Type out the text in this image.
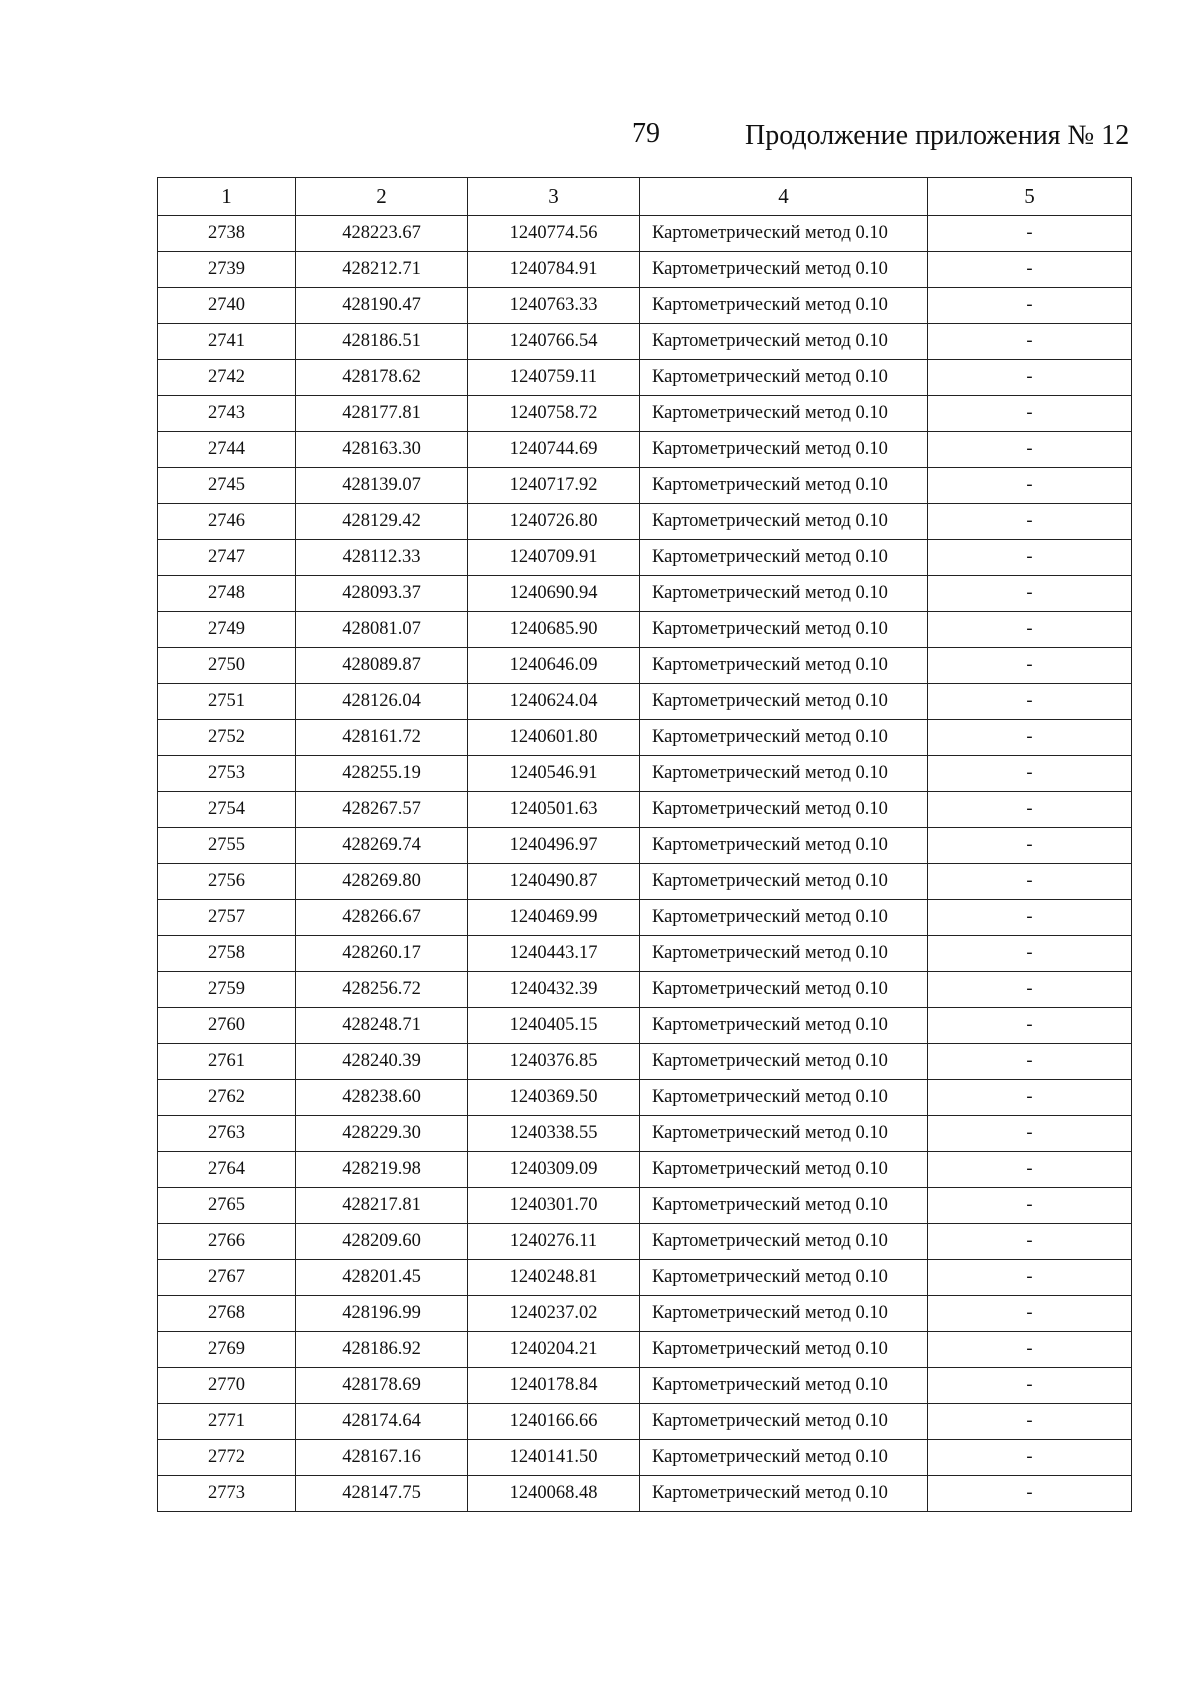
79	Продолжение приложения № 12
1	2	3	4	5
2738	428223.67	1240774.56	Картометрический метод 0.10	-
2739	428212.71	1240784.91	Картометрический метод 0.10	-
2740	428190.47	1240763.33	Картометрический метод 0.10	-
2741	428186.51	1240766.54	Картометрический метод 0.10	-
2742	428178.62	1240759.11	Картометрический метод 0.10	-
2743	428177.81	1240758.72	Картометрический метод 0.10	-
2744	428163.30	1240744.69	Картометрический метод 0.10	-
2745	428139.07	1240717.92	Картометрический метод 0.10	-
2746	428129.42	1240726.80	Картометрический метод 0.10	-
2747	428112.33	1240709.91	Картометрический метод 0.10	-
2748	428093.37	1240690.94	Картометрический метод 0.10	-
2749	428081.07	1240685.90	Картометрический метод 0.10	-
2750	428089.87	1240646.09	Картометрический метод 0.10	-
2751	428126.04	1240624.04	Картометрический метод 0.10	-
2752	428161.72	1240601.80	Картометрический метод 0.10	-
2753	428255.19	1240546.91	Картометрический метод 0.10	-
2754	428267.57	1240501.63	Картометрический метод 0.10	-
2755	428269.74	1240496.97	Картометрический метод 0.10	-
2756	428269.80	1240490.87	Картометрический метод 0.10	-
2757	428266.67	1240469.99	Картометрический метод 0.10	-
2758	428260.17	1240443.17	Картометрический метод 0.10	-
2759	428256.72	1240432.39	Картометрический метод 0.10	-
2760	428248.71	1240405.15	Картометрический метод 0.10	-
2761	428240.39	1240376.85	Картометрический метод 0.10	-
2762	428238.60	1240369.50	Картометрический метод 0.10	-
2763	428229.30	1240338.55	Картометрический метод 0.10	-
2764	428219.98	1240309.09	Картометрический метод 0.10	-
2765	428217.81	1240301.70	Картометрический метод 0.10	-
2766	428209.60	1240276.11	Картометрический метод 0.10	-
2767	428201.45	1240248.81	Картометрический метод 0.10	-
2768	428196.99	1240237.02	Картометрический метод 0.10	-
2769	428186.92	1240204.21	Картометрический метод 0.10	-
2770	428178.69	1240178.84	Картометрический метод 0.10	-
2771	428174.64	1240166.66	Картометрический метод 0.10	-
2772	428167.16	1240141.50	Картометрический метод 0.10	-
2773	428147.75	1240068.48	Картометрический метод 0.10	-
